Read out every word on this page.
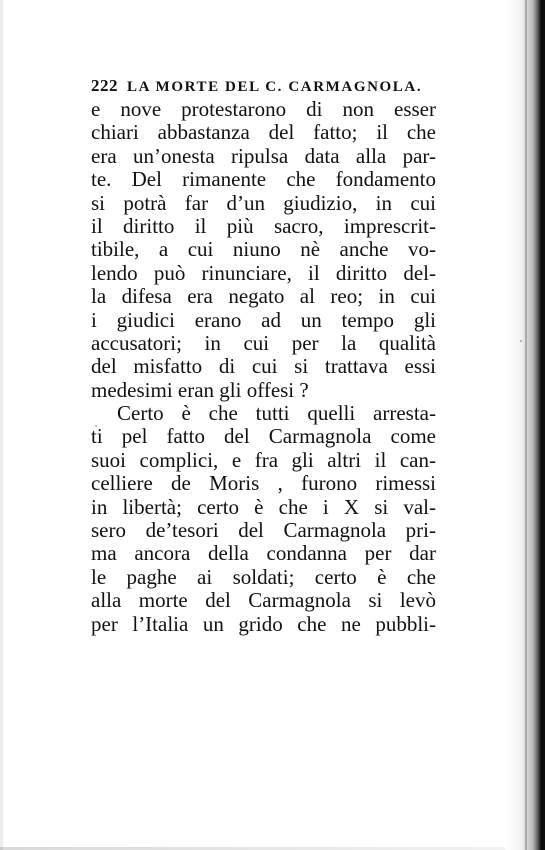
222 LA MORTE DEL C. CARMAGNOLA.
e nove protestarono di non esser
chiari abbastanza del fatto; il che
era un’onesta ripulsa data alla par-
te. Del rimanente che fondamento
si potrà far d’un giudizio, in cui
il diritto il più sacro, imprescrit-
tibile, a cui niuno nè anche vo-
lendo può rinunciare, il diritto del-
la difesa era negato al reo; in cui
i giudici erano ad un tempo gli
accusatori; in cui per la qualità
del misfatto di cui si trattava essi
medesimi eran gli offesi ?
Certo è che tutti quelli arresta-
ti pel fatto del Carmagnola come
suoi complici, e fra gli altri il can-
celliere de Moris , furono rimessi
in libertà; certo è che i X si val-
sero de’tesori del Carmagnola pri-
ma ancora della condanna per dar
le paghe ai soldati; certo è che
alla morte del Carmagnola si levò
per l’Italia un grido che ne pubbli-
